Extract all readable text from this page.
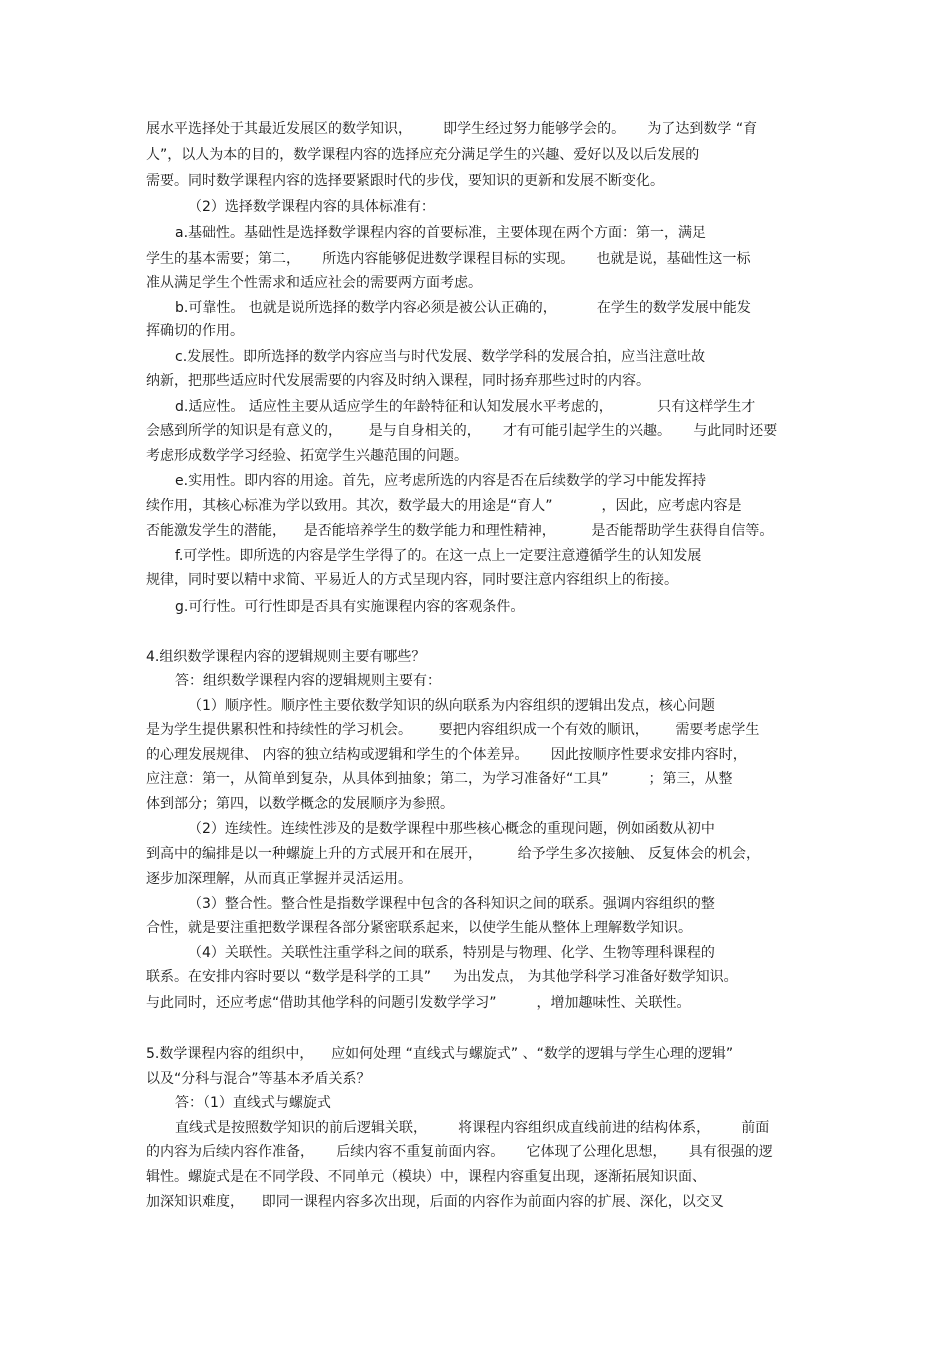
展水平选择处于其最近发展区的数学知识，       即学生经过努力能够学会的。     为了达到数学 “育
人”，以人为本的目的，数学课程内容的选择应充分满足学生的兴趣、爱好以及以后发展的
需要。同时数学课程内容的选择要紧跟时代的步伐，要知识的更新和发展不断变化。
（2）选择数学课程内容的具体标准有：
a.基础性。基础性是选择数学课程内容的首要标准，主要体现在两个方面：第一，满足
学生的基本需要；第二，     所选内容能够促进数学课程目标的实现。     也就是说，基础性这一标
准从满足学生个性需求和适应社会的需要两方面考虑。
b.可靠性。 也就是说所选择的数学内容必须是被公认正确的，         在学生的数学发展中能发
挥确切的作用。
c.发展性。即所选择的数学内容应当与时代发展、数学学科的发展合拍，应当注意吐故
纳新，把那些适应时代发展需要的内容及时纳入课程，同时扬弃那些过时的内容。
d.适应性。 适应性主要从适应学生的年龄特征和认知发展水平考虑的，          只有这样学生才
会感到所学的知识是有意义的，      是与自身相关的，     才有可能引起学生的兴趣。     与此同时还要
考虑形成数学学习经验、拓宽学生兴趣范围的问题。
e.实用性。即内容的用途。首先，应考虑所选的内容是否在后续数学的学习中能发挥持
续作用，其核心标准为学以致用。其次，数学最大的用途是“育人”           ，因此，应考虑内容是
否能激发学生的潜能，    是否能培养学生的数学能力和理性精神，        是否能帮助学生获得自信等。
f.可学性。即所选的内容是学生学得了的。在这一点上一定要注意遵循学生的认知发展
规律，同时要以精中求简、平易近人的方式呈现内容，同时要注意内容组织上的衔接。
g.可行性。可行性即是否具有实施课程内容的客观条件。
4.组织数学课程内容的逻辑规则主要有哪些？
答：组织数学课程内容的逻辑规则主要有：
（1）顺序性。顺序性主要依数学知识的纵向联系为内容组织的逻辑出发点，核心问题
是为学生提供累积性和持续性的学习机会。      要把内容组织成一个有效的顺讯，      需要考虑学生
的心理发展规律、 内容的独立结构或逻辑和学生的个体差异。     因此按顺序性要求安排内容时，
应注意：第一，从简单到复杂，从具体到抽象；第二，为学习准备好“工具”         ；第三，从整
体到部分；第四，以数学概念的发展顺序为参照。
（2）连续性。连续性涉及的是数学课程中那些核心概念的重现问题，例如函数从初中
到高中的编排是以一种螺旋上升的方式展开和在展开，        给予学生多次接触、 反复体会的机会，
逐步加深理解，从而真正掌握并灵活运用。
（3）整合性。整合性是指数学课程中包含的各科知识之间的联系。强调内容组织的整
合性，就是要注重把数学课程各部分紧密联系起来，以使学生能从整体上理解数学知识。
（4）关联性。关联性注重学科之间的联系，特别是与物理、化学、生物等理科课程的
联系。在安排内容时要以 “数学是科学的工具”     为出发点， 为其他学科学习准备好数学知识。
与此同时，还应考虑“借助其他学科的问题引发数学学习”         ，增加趣味性、关联性。
5.数学课程内容的组织中，    应如何处理 “直线式与螺旋式” 、“数学的逻辑与学生心理的逻辑”
以及“分科与混合”等基本矛盾关系？
答：（1）直线式与螺旋式
直线式是按照数学知识的前后逻辑关联，       将课程内容组织成直线前进的结构体系，       前面
的内容为后续内容作准备，     后续内容不重复前面内容。     它体现了公理化思想，     具有很强的逻
辑性。螺旋式是在不同学段、不同单元（模块）中，课程内容重复出现，逐渐拓展知识面、
加深知识难度，    即同一课程内容多次出现，后面的内容作为前面内容的扩展、深化，以交叉
